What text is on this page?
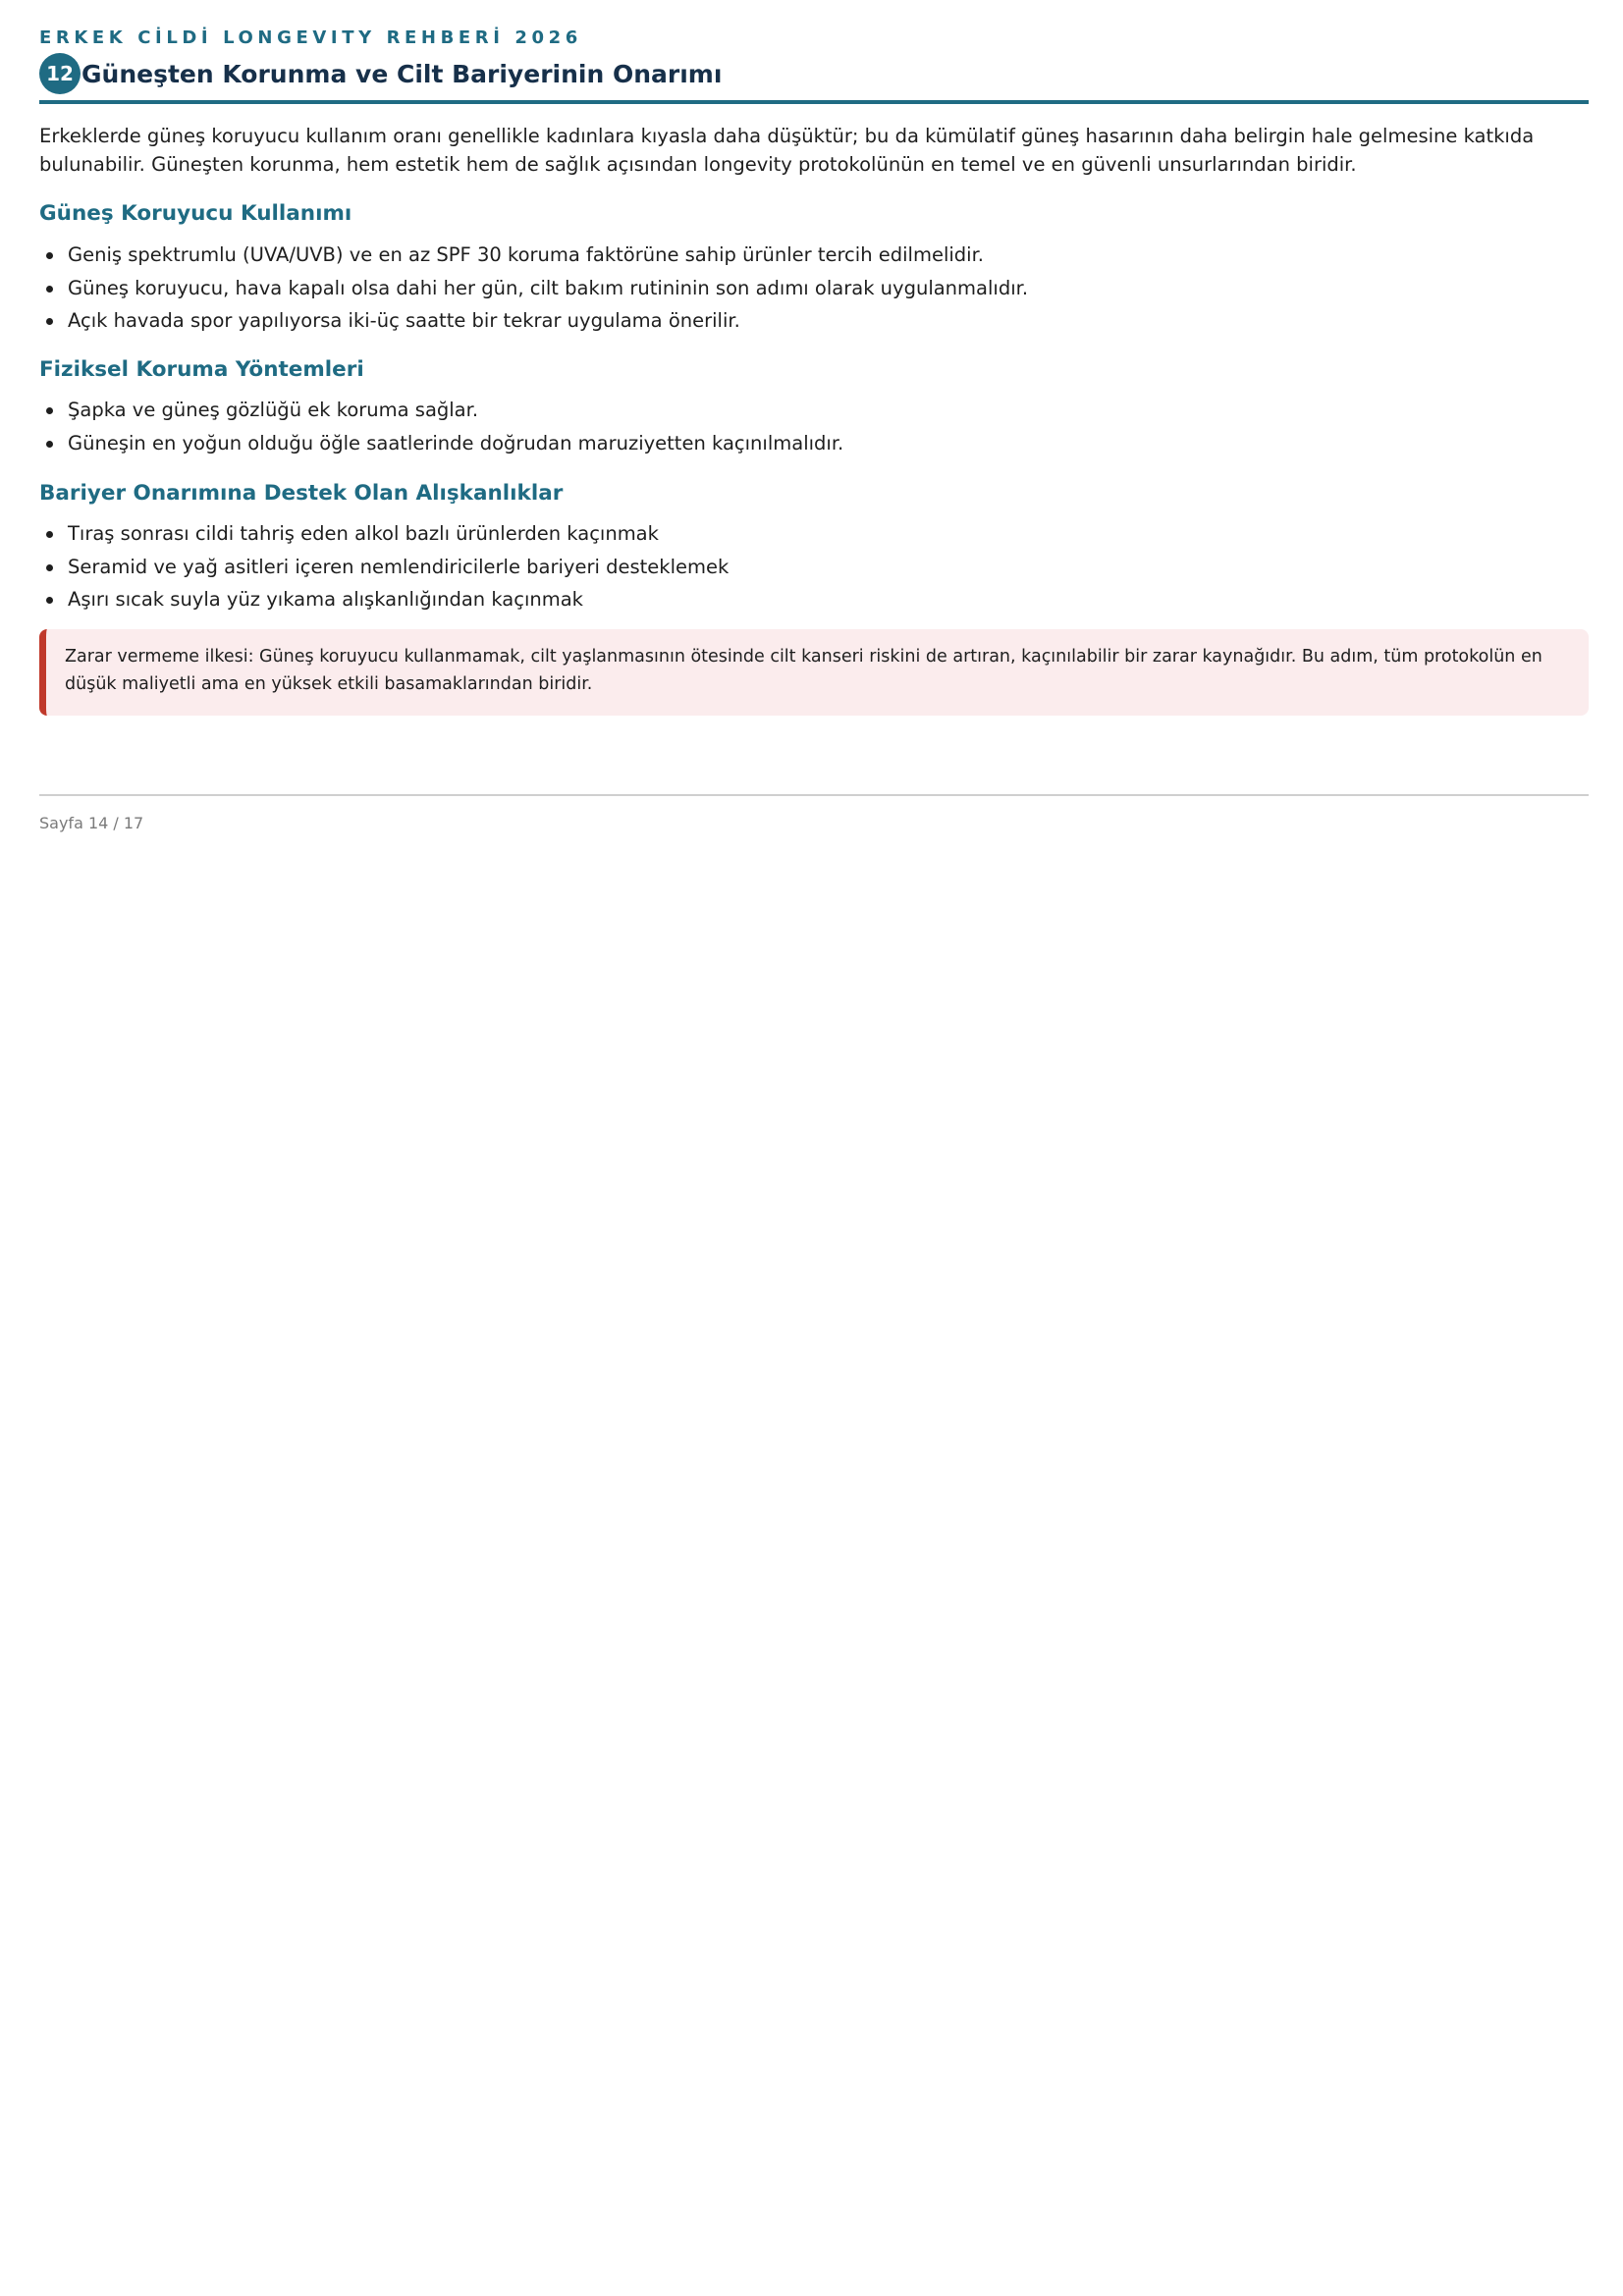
ERKEK CİLDİ LONGEVITY REHBERİ 2026
12 Güneşten Korunma ve Cilt Bariyerinin Onarımı

Erkeklerde güneş koruyucu kullanım oranı genellikle kadınlara kıyasla daha düşüktür; bu da kümülatif güneş hasarının daha belirgin hale gelmesine katkıda bulunabilir. Güneşten korunma, hem estetik hem de sağlık açısından longevity protokolünün en temel ve en güvenli unsurlarından biridir.

Güneş Koruyucu Kullanımı
Geniş spektrumlu (UVA/UVB) ve en az SPF 30 koruma faktörüne sahip ürünler tercih edilmelidir.
Güneş koruyucu, hava kapalı olsa dahi her gün, cilt bakım rutininin son adımı olarak uygulanmalıdır.
Açık havada spor yapılıyorsa iki-üç saatte bir tekrar uygulama önerilir.
Fiziksel Koruma Yöntemleri
Şapka ve güneş gözlüğü ek koruma sağlar.
Güneşin en yoğun olduğu öğle saatlerinde doğrudan maruziyetten kaçınılmalıdır.
Bariyer Onarımına Destek Olan Alışkanlıklar
Tıraş sonrası cildi tahriş eden alkol bazlı ürünlerden kaçınmak
Seramid ve yağ asitleri içeren nemlendiricilerle bariyeri desteklemek
Aşırı sıcak suyla yüz yıkama alışkanlığından kaçınmak

Zarar vermeme ilkesi: Güneş koruyucu kullanmamak, cilt yaşlanmasının ötesinde cilt kanseri riskini de artıran, kaçınılabilir bir zarar kaynağıdır. Bu adım, tüm protokolün en düşük maliyetli ama en yüksek etkili basamaklarından biridir.

Sayfa 14 / 17
